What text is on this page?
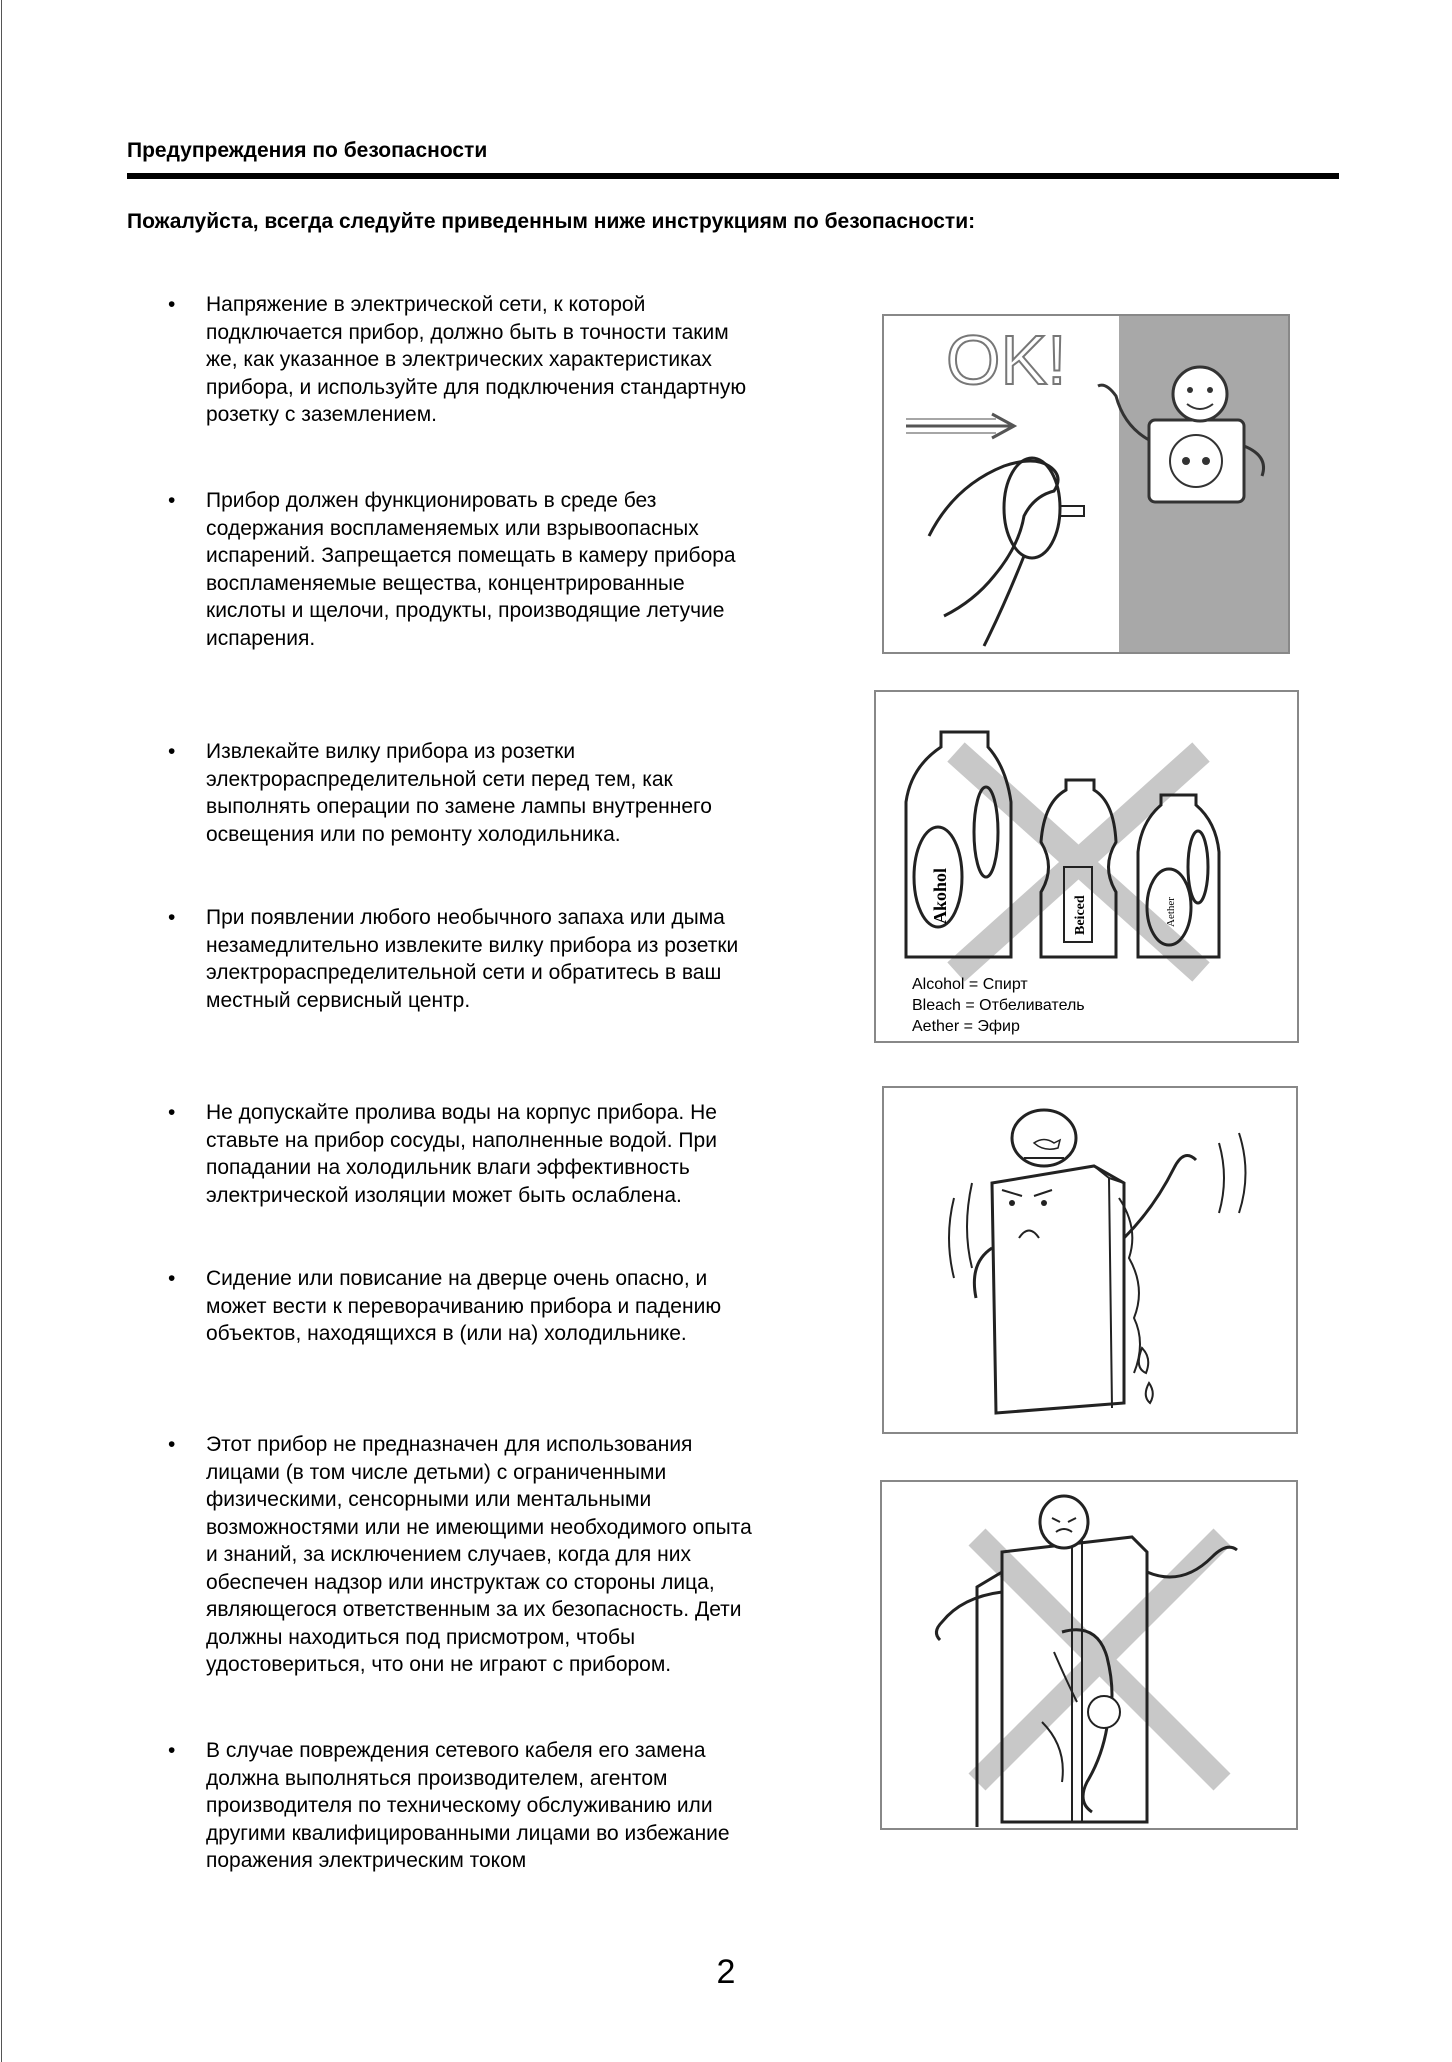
Предупреждения по безопасности
Пожалуйста, всегда следуйте приведенным ниже инструкциям по безопасности:
• Напряжение в электрической сети, к которой
подключается прибор, должно быть в точности таким
же, как указанное в электрических характеристиках
прибора, и используйте для подключения стандартную
розетку с заземлением.
• Прибор должен функционировать в среде без
содержания воспламеняемых или взрывоопасных
испарений. Запрещается помещать в камеру прибора
воспламеняемые вещества, концентрированные
кислоты и щелочи, продукты, производящие летучие
испарения.
• Извлекайте вилку прибора из розетки
электрораспределительной сети перед тем, как
выполнять операции по замене лампы внутреннего
освещения или по ремонту холодильника.
• При появлении любого необычного запаха или дыма
незамедлительно извлеките вилку прибора из розетки
электрораспределительной сети и обратитесь в ваш
местный сервисный центр.
• Не допускайте пролива воды на корпус прибора. Не
ставьте на прибор сосуды, наполненные водой. При
попадании на холодильник влаги эффективность
электрической изоляции может быть ослаблена.
• Сидение или повисание на дверце очень опасно, и
может вести к переворачиванию прибора и падению
объектов, находящихся в (или на) холодильнике.
• Этот прибор не предназначен для использования
лицами (в том числе детьми) с ограниченными
физическими, сенсорными или ментальными
возможностями или не имеющими необходимого опыта
и знаний, за исключением случаев, когда для них
обеспечен надзор или инструктаж со стороны лица,
являющегося ответственным за их безопасность. Дети
должны находиться под присмотром, чтобы
удостовериться, что они не играют с прибором.
• В случае повреждения сетевого кабеля его замена
должна выполняться производителем, агентом
производителя по техническому обслуживанию или
другими квалифицированными лицами во избежание
поражения электрическим током
OK!
Akohol	Beiced	Aether
Alcohol = Спирт
Bleach = Отбеливатель
Aether = Эфир
2
